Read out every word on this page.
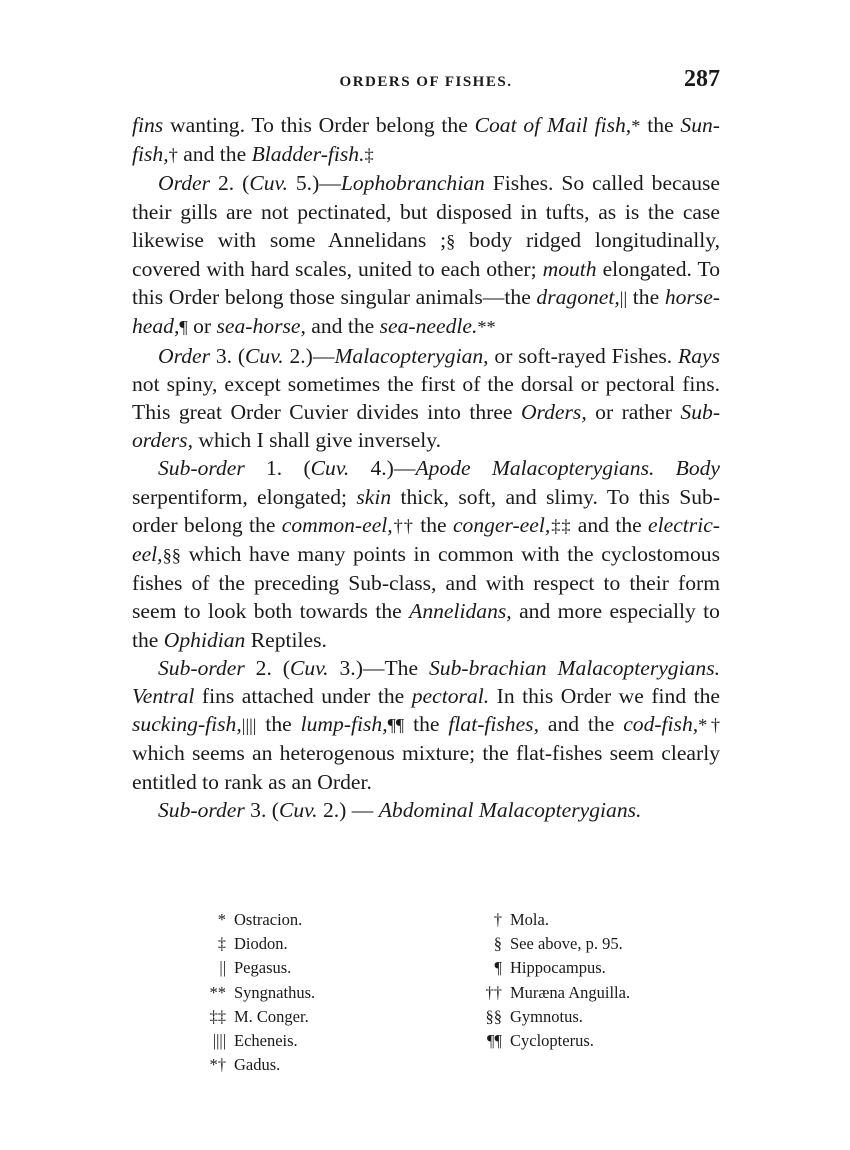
ORDERS OF FISHES.	287

fins wanting. To this Order belong the Coat of Mail fish,* the Sun-fish,† and the Bladder-fish.‡

Order 2. (Cuv. 5.)—Lophobranchian Fishes. So called because their gills are not pectinated, but disposed in tufts, as is the case likewise with some Annelidans ;§ body ridged longitudinally, covered with hard scales, united to each other; mouth elongated. To this Order belong those singular animals—the dragonet,|| the horse-head,¶ or sea-horse, and the sea-needle.**

Order 3. (Cuv. 2.)—Malacopterygian, or soft-rayed Fishes. Rays not spiny, except sometimes the first of the dorsal or pectoral fins. This great Order Cuvier divides into three Orders, or rather Sub-orders, which I shall give inversely.

Sub-order 1. (Cuv. 4.)—Apode Malacopterygians. Body serpentiform, elongated; skin thick, soft, and slimy. To this Sub-order belong the common-eel,†† the conger-eel,‡‡ and the electric-eel,§§ which have many points in common with the cyclostomous fishes of the preceding Sub-class, and with respect to their form seem to look both towards the Annelidans, and more especially to the Ophidian Reptiles.

Sub-order 2. (Cuv. 3.)—The Sub-brachian Malacopterygians. Ventral fins attached under the pectoral. In this Order we find the sucking-fish,|||| the lump-fish,¶¶ the flat-fishes, and the cod-fish,*† which seems an heterogenous mixture; the flat-fishes seem clearly entitled to rank as an Order.

Sub-order 3. (Cuv. 2.) — Abdominal Malacopterygians.

* Ostracion.
‡ Diodon.
|| Pegasus.
** Syngnathus.
‡‡ M. Conger.
|||| Echeneis.
*† Gadus.
† Mola.
§ See above, p. 95.
¶ Hippocampus.
†† Muræna Anguilla.
§§ Gymnotus.
¶¶ Cyclopterus.
